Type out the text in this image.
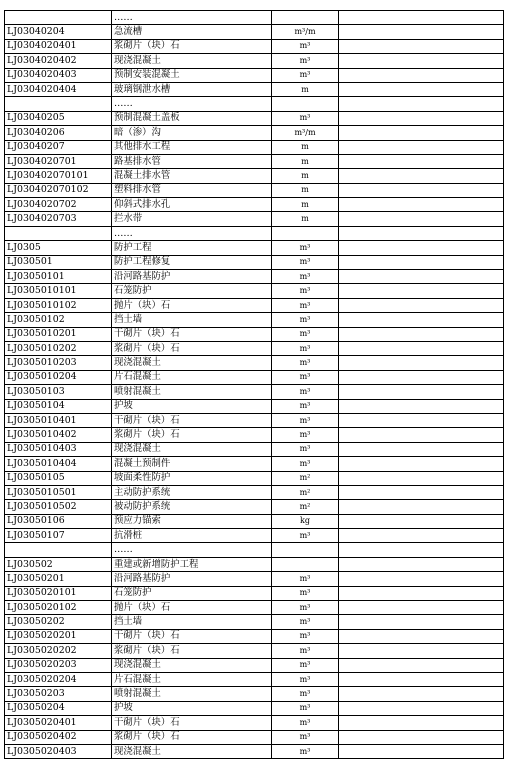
	……		
LJ03040204	急流槽	m³/m	
LJ0304020401	浆砌片（块）石	m³	
LJ0304020402	现浇混凝土	m³	
LJ0304020403	预制安装混凝土	m³	
LJ0304020404	玻璃钢泄水槽	m	
	……		
LJ03040205	预制混凝土盖板	m³	
LJ03040206	暗（渗）沟	m³/m	
LJ03040207	其他排水工程	m	
LJ0304020701	路基排水管	m	
LJ030402070101	混凝土排水管	m	
LJ030402070102	塑料排水管	m	
LJ0304020702	仰斜式排水孔	m	
LJ0304020703	拦水带	m	
	……		
LJ0305	防护工程	m³	
LJ030501	防护工程修复	m³	
LJ03050101	沿河路基防护	m³	
LJ0305010101	石笼防护	m³	
LJ0305010102	抛片（块）石	m³	
LJ03050102	挡土墙	m³	
LJ0305010201	干砌片（块）石	m³	
LJ0305010202	浆砌片（块）石	m³	
LJ0305010203	现浇混凝土	m³	
LJ0305010204	片石混凝土	m³	
LJ03050103	喷射混凝土	m³	
LJ03050104	护坡	m³	
LJ0305010401	干砌片（块）石	m³	
LJ0305010402	浆砌片（块）石	m³	
LJ0305010403	现浇混凝土	m³	
LJ0305010404	混凝土预制件	m³	
LJ03050105	坡面柔性防护	m²	
LJ0305010501	主动防护系统	m²	
LJ0305010502	被动防护系统	m²	
LJ03050106	预应力锚索	kg	
LJ03050107	抗滑桩	m³	
	……		
LJ030502	重建或新增防护工程		
LJ03050201	沿河路基防护	m³	
LJ0305020101	石笼防护	m³	
LJ0305020102	抛片（块）石	m³	
LJ03050202	挡土墙	m³	
LJ0305020201	干砌片（块）石	m³	
LJ0305020202	浆砌片（块）石	m³	
LJ0305020203	现浇混凝土	m³	
LJ0305020204	片石混凝土	m³	
LJ03050203	喷射混凝土	m³	
LJ03050204	护坡	m³	
LJ0305020401	干砌片（块）石	m³	
LJ0305020402	浆砌片（块）石	m³	
LJ0305020403	现浇混凝土	m³	
